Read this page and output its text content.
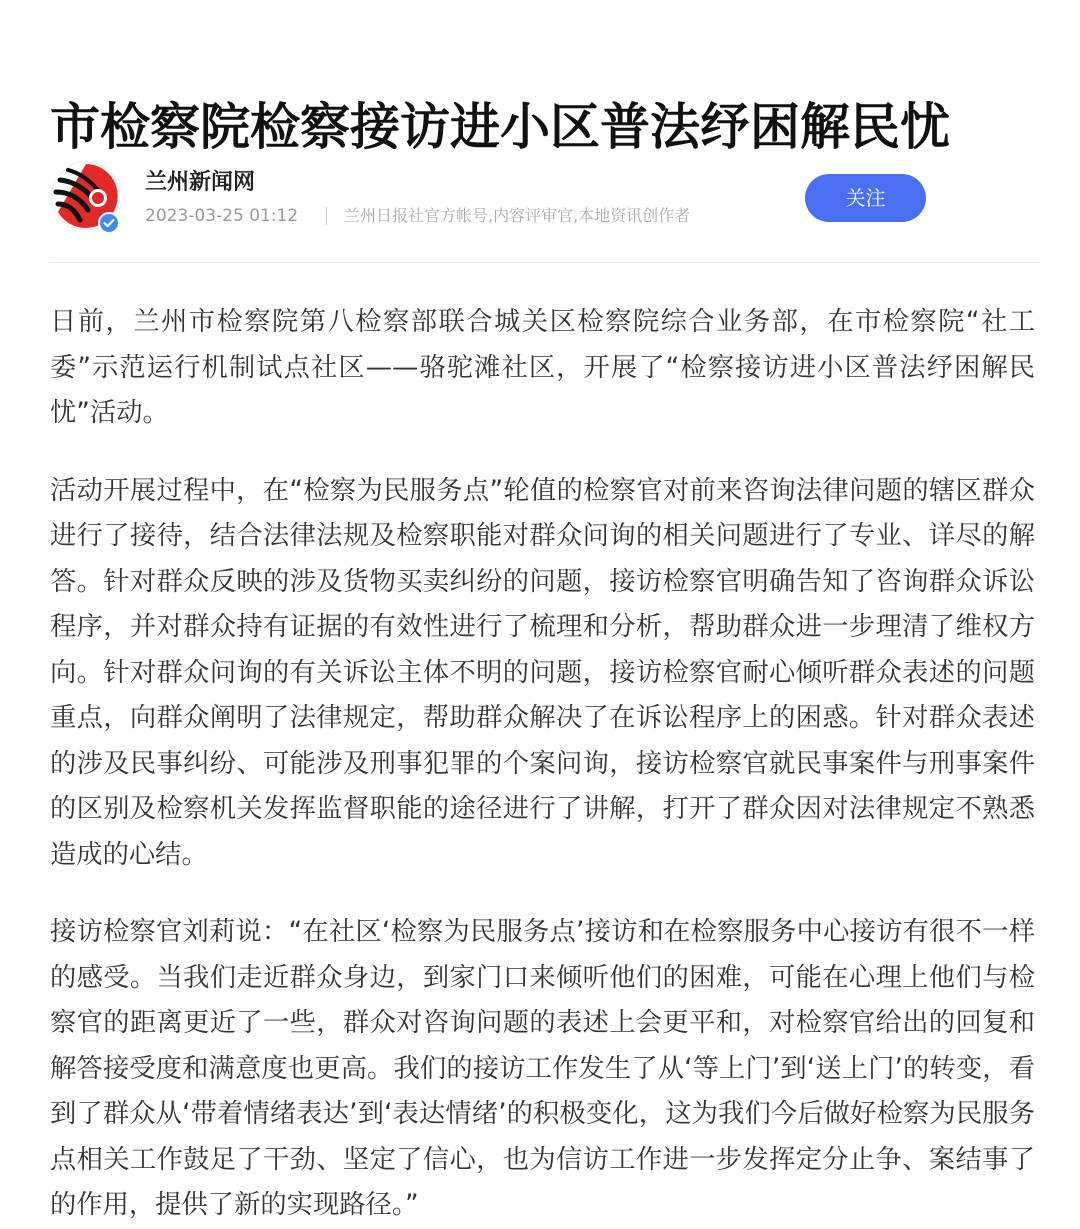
市检察院检察接访进小区普法纾困解民忧
兰州新闻网
2023-03-25 01:12	兰州日报社官方帐号,内容评审官,本地资讯创作者
关注

日前，兰州市检察院第八检察部联合城关区检察院综合业务部，在市检察院“社工委”示范运行机制试点社区——骆驼滩社区，开展了“检察接访进小区普法纾困解民忧”活动。

活动开展过程中，在“检察为民服务点”轮值的检察官对前来咨询法律问题的辖区群众进行了接待，结合法律法规及检察职能对群众问询的相关问题进行了专业、详尽的解答。针对群众反映的涉及货物买卖纠纷的问题，接访检察官明确告知了咨询群众诉讼程序，并对群众持有证据的有效性进行了梳理和分析，帮助群众进一步理清了维权方向。针对群众问询的有关诉讼主体不明的问题，接访检察官耐心倾听群众表述的问题重点，向群众阐明了法律规定，帮助群众解决了在诉讼程序上的困惑。针对群众表述的涉及民事纠纷、可能涉及刑事犯罪的个案问询，接访检察官就民事案件与刑事案件的区别及检察机关发挥监督职能的途径进行了讲解，打开了群众因对法律规定不熟悉造成的心结。

接访检察官刘莉说：“在社区‘检察为民服务点’接访和在检察服务中心接访有很不一样的感受。当我们走近群众身边，到家门口来倾听他们的困难，可能在心理上他们与检察官的距离更近了一些，群众对咨询问题的表述上会更平和，对检察官给出的回复和解答接受度和满意度也更高。我们的接访工作发生了从‘等上门’到‘送上门’的转变，看到了群众从‘带着情绪表达’到‘表达情绪’的积极变化，这为我们今后做好检察为民服务点相关工作鼓足了干劲、坚定了信心，也为信访工作进一步发挥定分止争、案结事了的作用，提供了新的实现路径。”
